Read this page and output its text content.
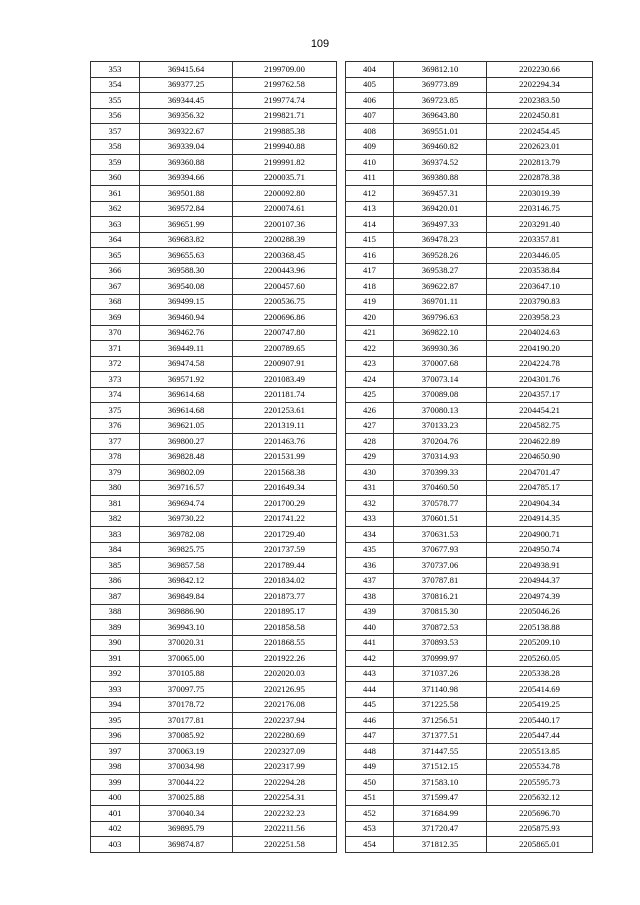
109
353	369415.64	2199709.00
354	369377.25	2199762.58
355	369344.45	2199774.74
356	369356.32	2199821.71
357	369322.67	2199885.38
358	369339.04	2199940.88
359	369360.88	2199991.82
360	369394.66	2200035.71
361	369501.88	2200092.80
362	369572.84	2200074.61
363	369651.99	2200107.36
364	369683.82	2200288.39
365	369655.63	2200368.45
366	369588.30	2200443.96
367	369540.08	2200457.60
368	369499.15	2200536.75
369	369460.94	2200696.86
370	369462.76	2200747.80
371	369449.11	2200789.65
372	369474.58	2200907.91
373	369571.92	2201083.49
374	369614.68	2201181.74
375	369614.68	2201253.61
376	369621.05	2201319.11
377	369800.27	2201463.76
378	369828.48	2201531.99
379	369802.09	2201568.38
380	369716.57	2201649.34
381	369694.74	2201700.29
382	369730.22	2201741.22
383	369782.08	2201729.40
384	369825.75	2201737.59
385	369857.58	2201789.44
386	369842.12	2201834.02
387	369849.84	2201873.77
388	369886.90	2201895.17
389	369943.10	2201858.58
390	370020.31	2201868.55
391	370065.00	2201922.26
392	370105.88	2202020.03
393	370097.75	2202126.95
394	370178.72	2202176.08
395	370177.81	2202237.94
396	370085.92	2202280.69
397	370063.19	2202327.09
398	370034.98	2202317.99
399	370044.22	2202294.28
400	370025.88	2202254.31
401	370040.34	2202232.23
402	369895.79	2202211.56
403	369874.87	2202251.58
404	369812.10	2202230.66
405	369773.89	2202294.34
406	369723.85	2202383.50
407	369643.80	2202450.81
408	369551.01	2202454.45
409	369460.82	2202623.01
410	369374.52	2202813.79
411	369380.88	2202878.38
412	369457.31	2203019.39
413	369420.01	2203146.75
414	369497.33	2203291.40
415	369478.23	2203357.81
416	369528.26	2203446.05
417	369538.27	2203538.84
418	369622.87	2203647.10
419	369701.11	2203790.83
420	369796.63	2203958.23
421	369822.10	2204024.63
422	369930.36	2204190.20
423	370007.68	2204224.78
424	370073.14	2204301.76
425	370089.08	2204357.17
426	370080.13	2204454.21
427	370133.23	2204582.75
428	370204.76	2204622.89
429	370314.93	2204650.90
430	370399.33	2204701.47
431	370460.50	2204785.17
432	370578.77	2204904.34
433	370601.51	2204914.35
434	370631.53	2204900.71
435	370677.93	2204950.74
436	370737.06	2204938.91
437	370787.81	2204944.37
438	370816.21	2204974.39
439	370815.30	2205046.26
440	370872.53	2205138.88
441	370893.53	2205209.10
442	370999.97	2205260.05
443	371037.26	2205338.28
444	371140.98	2205414.69
445	371225.58	2205419.25
446	371256.51	2205440.17
447	371377.51	2205447.44
448	371447.55	2205513.85
449	371512.15	2205534.78
450	371583.10	2205595.73
451	371599.47	2205632.12
452	371684.99	2205696.70
453	371720.47	2205875.93
454	371812.35	2205865.01
